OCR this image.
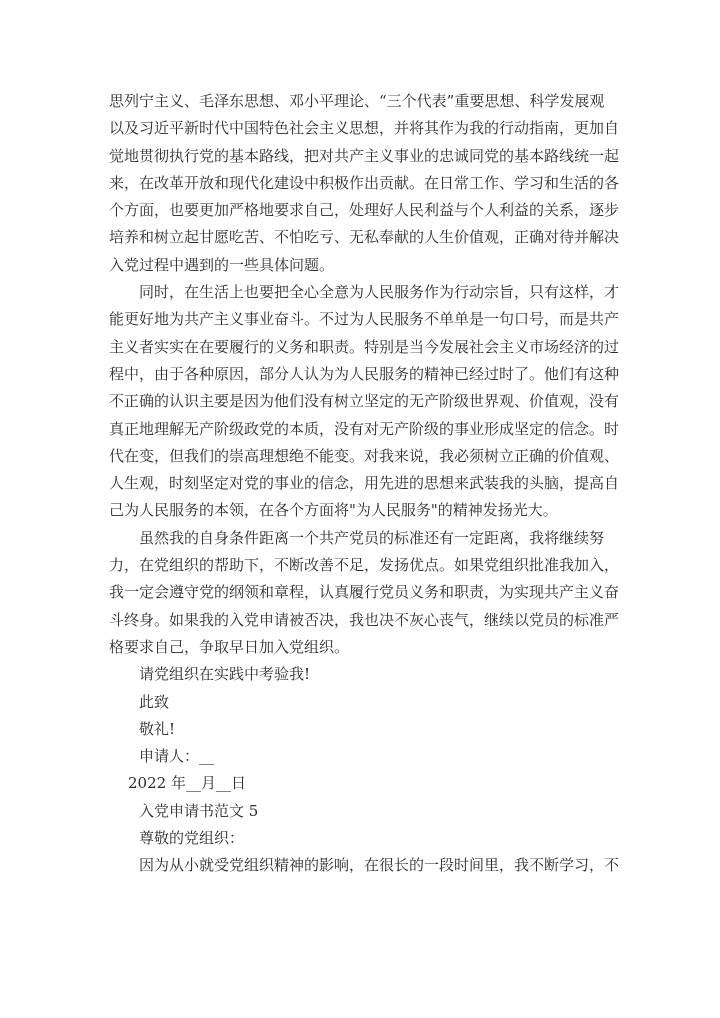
思列宁主义、毛泽东思想、邓小平理论、“三个代表”重要思想、科学发展观
以及习近平新时代中国特色社会主义思想，并将其作为我的行动指南，更加自
觉地贯彻执行党的基本路线，把对共产主义事业的忠诚同党的基本路线统一起
来，在改革开放和现代化建设中积极作出贡献。在日常工作、学习和生活的各
个方面，也要更加严格地要求自己，处理好人民利益与个人利益的关系，逐步
培养和树立起甘愿吃苦、不怕吃亏、无私奉献的人生价值观，正确对待并解决
入党过程中遇到的一些具体问题。
同时，在生活上也要把全心全意为人民服务作为行动宗旨，只有这样，才
能更好地为共产主义事业奋斗。不过为人民服务不单单是一句口号，而是共产
主义者实实在在要履行的义务和职责。特别是当今发展社会主义市场经济的过
程中，由于各种原因，部分人认为为人民服务的精神已经过时了。他们有这种
不正确的认识主要是因为他们没有树立坚定的无产阶级世界观、价值观，没有
真正地理解无产阶级政党的本质，没有对无产阶级的事业形成坚定的信念。时
代在变，但我们的崇高理想绝不能变。对我来说，我必须树立正确的价值观、
人生观，时刻坚定对党的事业的信念，用先进的思想来武装我的头脑，提高自
己为人民服务的本领，在各个方面将"为人民服务"的精神发扬光大。
虽然我的自身条件距离一个共产党员的标准还有一定距离，我将继续努
力，在党组织的帮助下，不断改善不足，发扬优点。如果党组织批准我加入，
我一定会遵守党的纲领和章程，认真履行党员义务和职责，为实现共产主义奋
斗终身。如果我的入党申请被否决，我也决不灰心丧气，继续以党员的标准严
格要求自己，争取早日加入党组织。
请党组织在实践中考验我!
此致
敬礼!
申请人：__
2022 年__月__日
入党申请书范文 5
尊敬的党组织：
因为从小就受党组织精神的影响，在很长的一段时间里，我不断学习，不
